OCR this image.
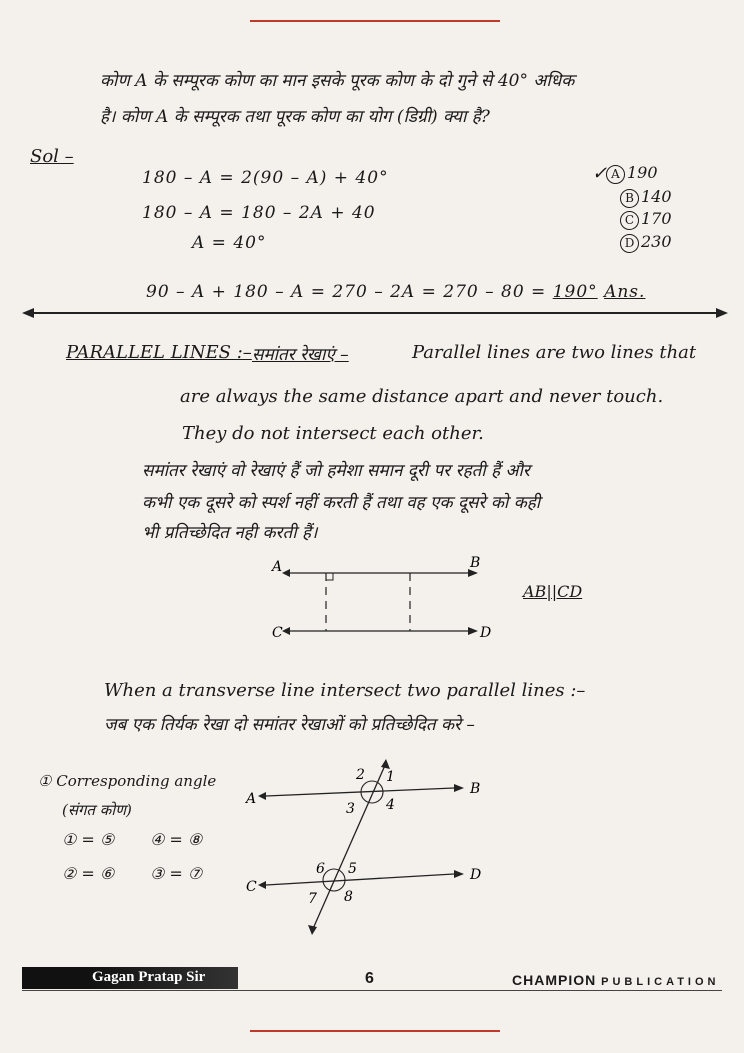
कोण A के सम्पूरक कोण का मान इसके पूरक कोण के दो गुने से 40° अधिक
है। कोण A के सम्पूरक तथा पूरक कोण का योग (डिग्री) क्या है?
Sol –
180 – A = 2(90 – A) + 40°
180 – A = 180 – 2A + 40
A = 40°
✓ A 190
B 140
C 170
D 230
90 – A + 180 – A = 270 – 2A = 270 – 80 = 190° Ans.
PARALLEL LINES :– समांतर रेखाएं –	Parallel lines are two lines that
are always the same distance apart and never touch.
They do not intersect each other.
समांतर रेखाएं वो रेखाएं हैं जो हमेशा समान दूरी पर रहती हैं और
कभी एक दूसरे को स्पर्श नहीं करती हैं तथा वह एक दूसरे को कही
भी प्रतिच्छेदित नही करती हैं।
A	B
C	D
AB||CD
When a transverse line intersect two parallel lines :–
जब एक तिर्यक रेखा दो समांतर रेखाओं को प्रतिच्छेदित करे –
① Corresponding angle
(संगत कोण)
① = ⑤ ④ = ⑧
② = ⑥ ③ = ⑦
2 1
3 4
6 5
7 8
A
B
C
D
Gagan Pratap Sir	6	CHAMPION PUBLICATION
